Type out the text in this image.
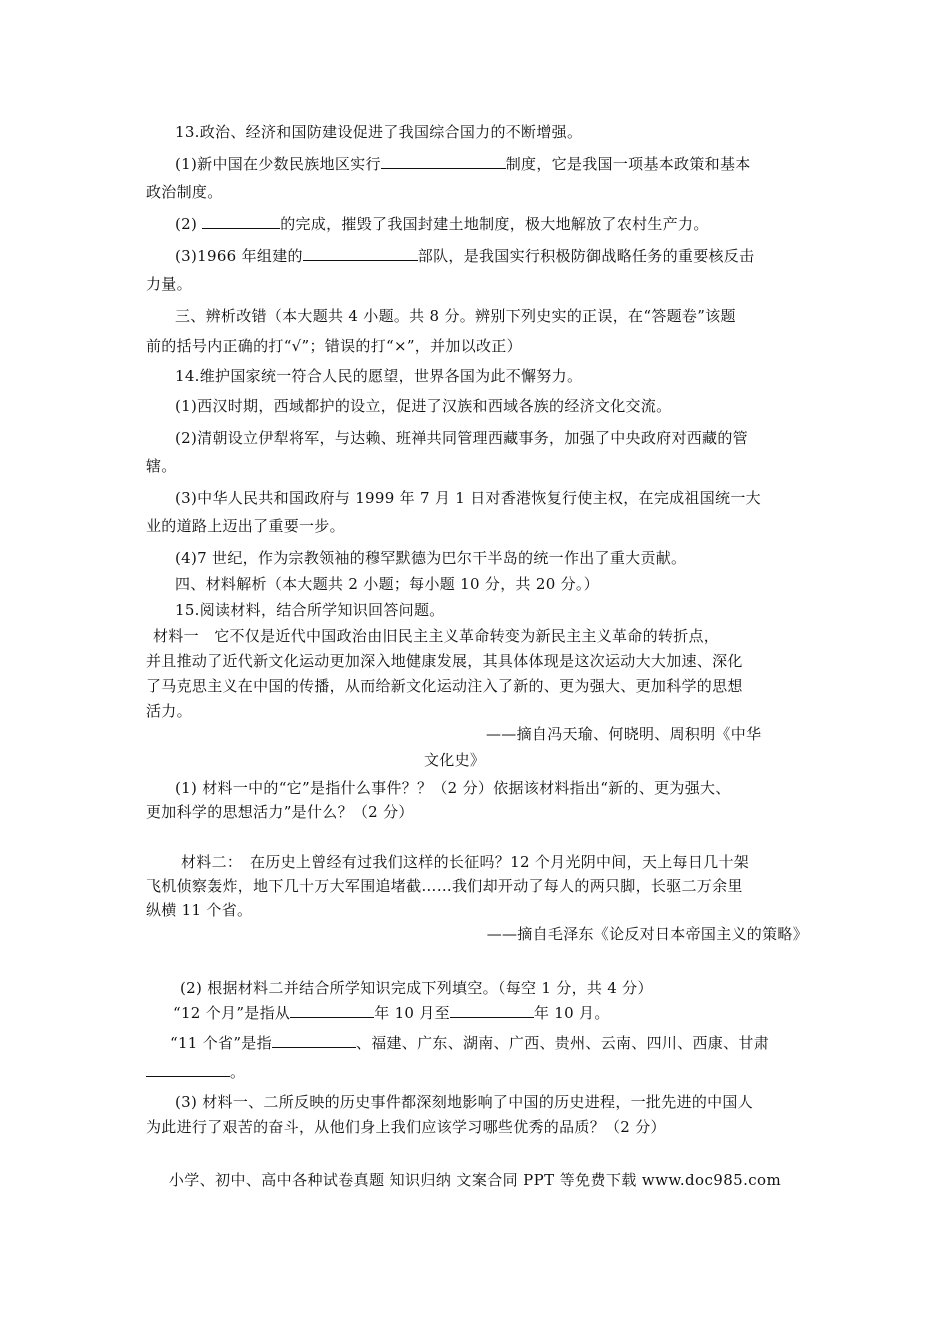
13.政治、经济和国防建设促进了我国综合国力的不断增强。
(1)新中国在少数民族地区实行	制度，它是我国一项基本政策和基本
政治制度。
(2)	的完成，摧毁了我国封建土地制度，极大地解放了农村生产力。
(3)1966 年组建的	部队，是我国实行积极防御战略任务的重要核反击
力量。
三、辨析改错（本大题共 4 小题。共 8 分。辨别下列史实的正误，在“答题卷”该题
前的括号内正确的打“√”；错误的打“×”，并加以改正）
14.维护国家统一符合人民的愿望，世界各国为此不懈努力。
(1)西汉时期，西域都护的设立，促进了汉族和西域各族的经济文化交流。
(2)清朝设立伊犁将军，与达赖、班禅共同管理西藏事务，加强了中央政府对西藏的管
辖。
(3)中华人民共和国政府与 1999 年 7 月 1 日对香港恢复行使主权，在完成祖国统一大
业的道路上迈出了重要一步。
(4)7 世纪，作为宗教领袖的穆罕默德为巴尔干半岛的统一作出了重大贡献。
四、材料解析（本大题共 2 小题；每小题 10 分，共 20 分。）
15.阅读材料，结合所学知识回答问题。
材料一　它不仅是近代中国政治由旧民主主义革命转变为新民主主义革命的转折点，
并且推动了近代新文化运动更加深入地健康发展，其具体体现是这次运动大大加速、深化
了马克思主义在中国的传播，从而给新文化运动注入了新的、更为强大、更加科学的思想
活力。
——摘自冯天瑜、何晓明、周积明《中华
文化史》
(1) 材料一中的“它”是指什么事件？？（2 分）依据该材料指出“新的、更为强大、
更加科学的思想活力”是什么？（2 分）
材料二：　在历史上曾经有过我们这样的长征吗？12 个月光阴中间，天上每日几十架
飞机侦察轰炸，地下几十万大军围追堵截……我们却开动了每人的两只脚，长驱二万余里
纵横 11 个省。
——摘自毛泽东《论反对日本帝国主义的策略》
(2) 根据材料二并结合所学知识完成下列填空。（每空 1 分，共 4 分）
“12 个月”是指从	年 10 月至	年 10 月。
“11 个省”是指	、福建、广东、湖南、广西、贵州、云南、四川、西康、甘肃
。
(3) 材料一、二所反映的历史事件都深刻地影响了中国的历史进程，一批先进的中国人
为此进行了艰苦的奋斗，从他们身上我们应该学习哪些优秀的品质？（2 分）
小学、初中、高中各种试卷真题 知识归纳 文案合同 PPT 等免费下载 www.doc985.com
